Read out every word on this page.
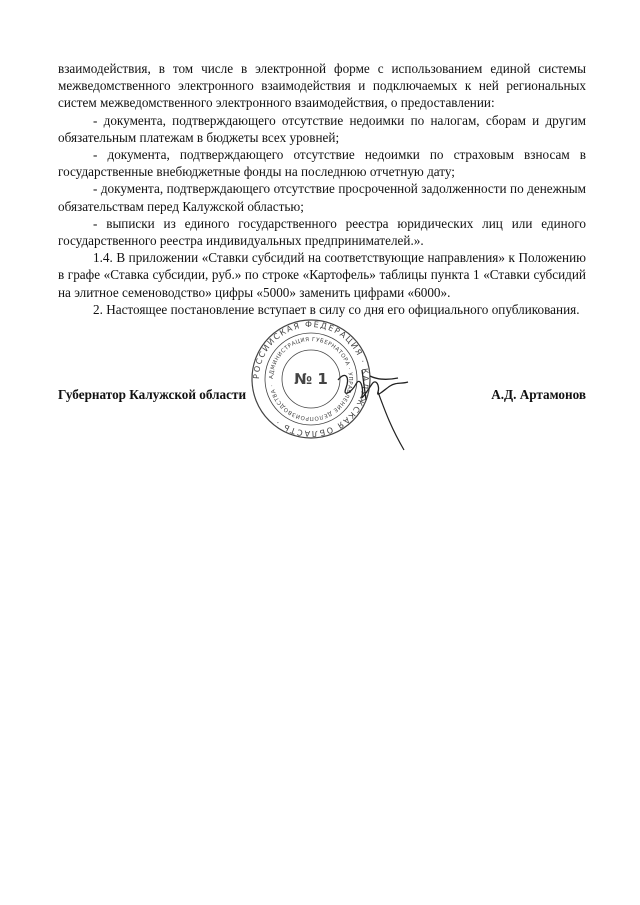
взаимодействия, в том числе в электронной форме с использованием единой системы межведомственного электронного взаимодействия и подключаемых к ней региональных систем межведомственного электронного взаимодействия, о предоставлении:

- документа, подтверждающего отсутствие недоимки по налогам, сборам и другим обязательным платежам в бюджеты всех уровней;

- документа, подтверждающего отсутствие недоимки по страховым взносам в государственные внебюджетные фонды на последнюю отчетную дату;

- документа, подтверждающего отсутствие просроченной задолженности по денежным обязательствам перед Калужской областью;

- выписки из единого государственного реестра юридических лиц или единого государственного реестра индивидуальных предпринимателей.».

1.4. В приложении «Ставки субсидий на соответствующие направления» к Положению в графе «Ставка субсидии, руб.» по строке «Картофель» таблицы пункта 1 «Ставки субсидий на элитное семеноводство» цифры «5000» заменить цифрами «6000».

2. Настоящее постановление вступает в силу со дня его официального опубликования.

РОССИЙСКАЯ ФЕДЕРАЦИЯ · КАЛУЖСКАЯ ОБЛАСТЬ ·
АДМИНИСТРАЦИЯ ГУБЕРНАТОРА · УПРАВЛЕНИЕ ДЕЛОПРОИЗВОДСТВА ·	№ 1
Губернатор Калужской области	А.Д. Артамонов
